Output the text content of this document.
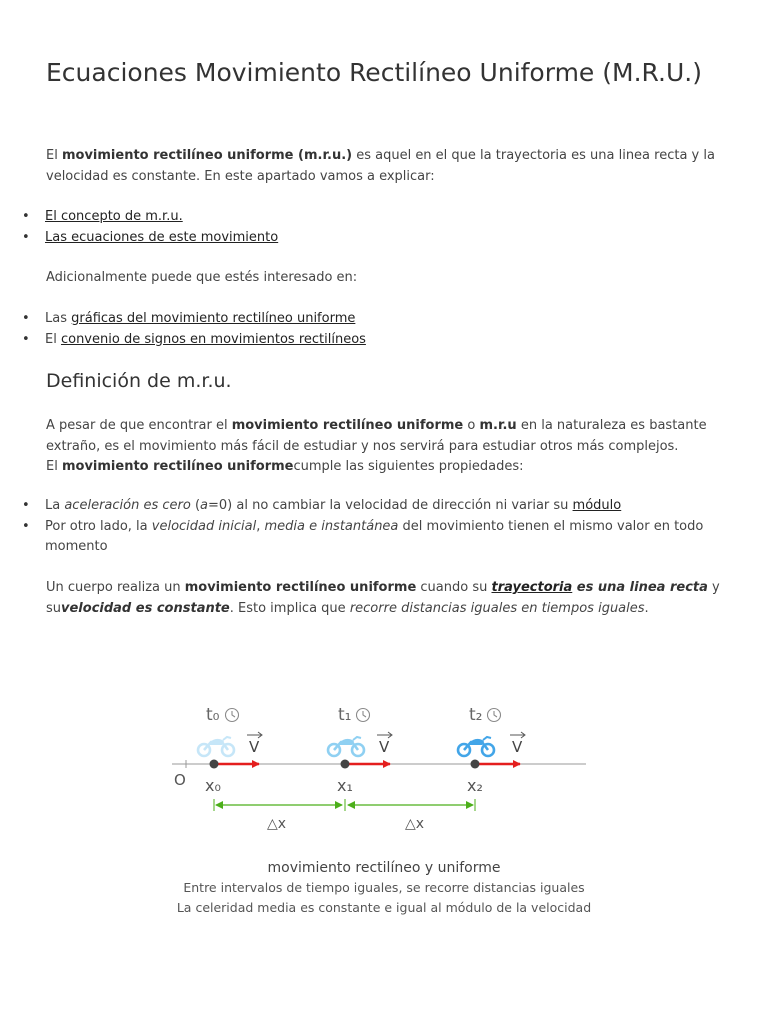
Ecuaciones Movimiento Rectilíneo Uniforme (M.R.U.)

El movimiento rectilíneo uniforme (m.r.u.) es aquel en el que la trayectoria es una linea recta y la velocidad es constante. En este apartado vamos a explicar:

• El concepto de m.r.u.
• Las ecuaciones de este movimiento

Adicionalmente puede que estés interesado en:

• Las gráficas del movimiento rectilíneo uniforme
• El convenio de signos en movimientos rectilíneos
Definición de m.r.u.

A pesar de que encontrar el movimiento rectilíneo uniforme o m.r.u en la naturaleza es bastante extraño, es el movimiento más fácil de estudiar y nos servirá para estudiar otros más complejos.
El movimiento rectilíneo uniformecumple las siguientes propiedades:

• La aceleración es cero (a=0) al no cambiar la velocidad de dirección ni variar su módulo
• Por otro lado, la velocidad inicial, media e instantánea del movimiento tienen el mismo valor en todo momento

Un cuerpo realiza un movimiento rectilíneo uniforme cuando su trayectoria es una linea recta y suvelocidad es constante. Esto implica que recorre distancias iguales en tiempos iguales.

O
t₀	t₁	t₂
V	V	V
x₀	x₁	x₂
△x	△x

movimiento rectilíneo y uniforme

Entre intervalos de tiempo iguales, se recorre distancias iguales

La celeridad media es constante e igual al módulo de la velocidad
